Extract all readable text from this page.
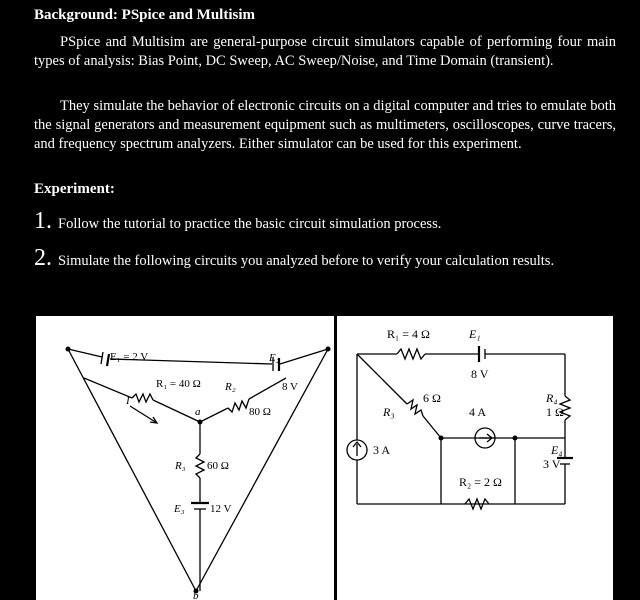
Background: PSpice and Multisim
PSpice and Multisim are general-purpose circuit simulators capable of performing four main types of analysis: Bias Point, DC Sweep, AC Sweep/Noise, and Time Domain (transient).
They simulate the behavior of electronic circuits on a digital computer and tries to emulate both the signal generators and measurement equipment such as multimeters, oscilloscopes, curve tracers, and frequency spectrum analyzers. Either simulator can be used for this experiment.
Experiment:
1. Follow the tutorial to practice the basic circuit simulation process.
2. Simulate the following circuits you analyzed before to verify your calculation results.
E₁ = 2 V	E₂
8 V
R₁ = 40 Ω R₂
80 Ω
I
a
R₃ 60 Ω
E₃ 12 V
b
R₁ = 4 Ω	E₁
8 V
6 Ω
R₃
R₄
1 Ω
4 A
3 A	E₄
3 V
R₂ = 2 Ω
